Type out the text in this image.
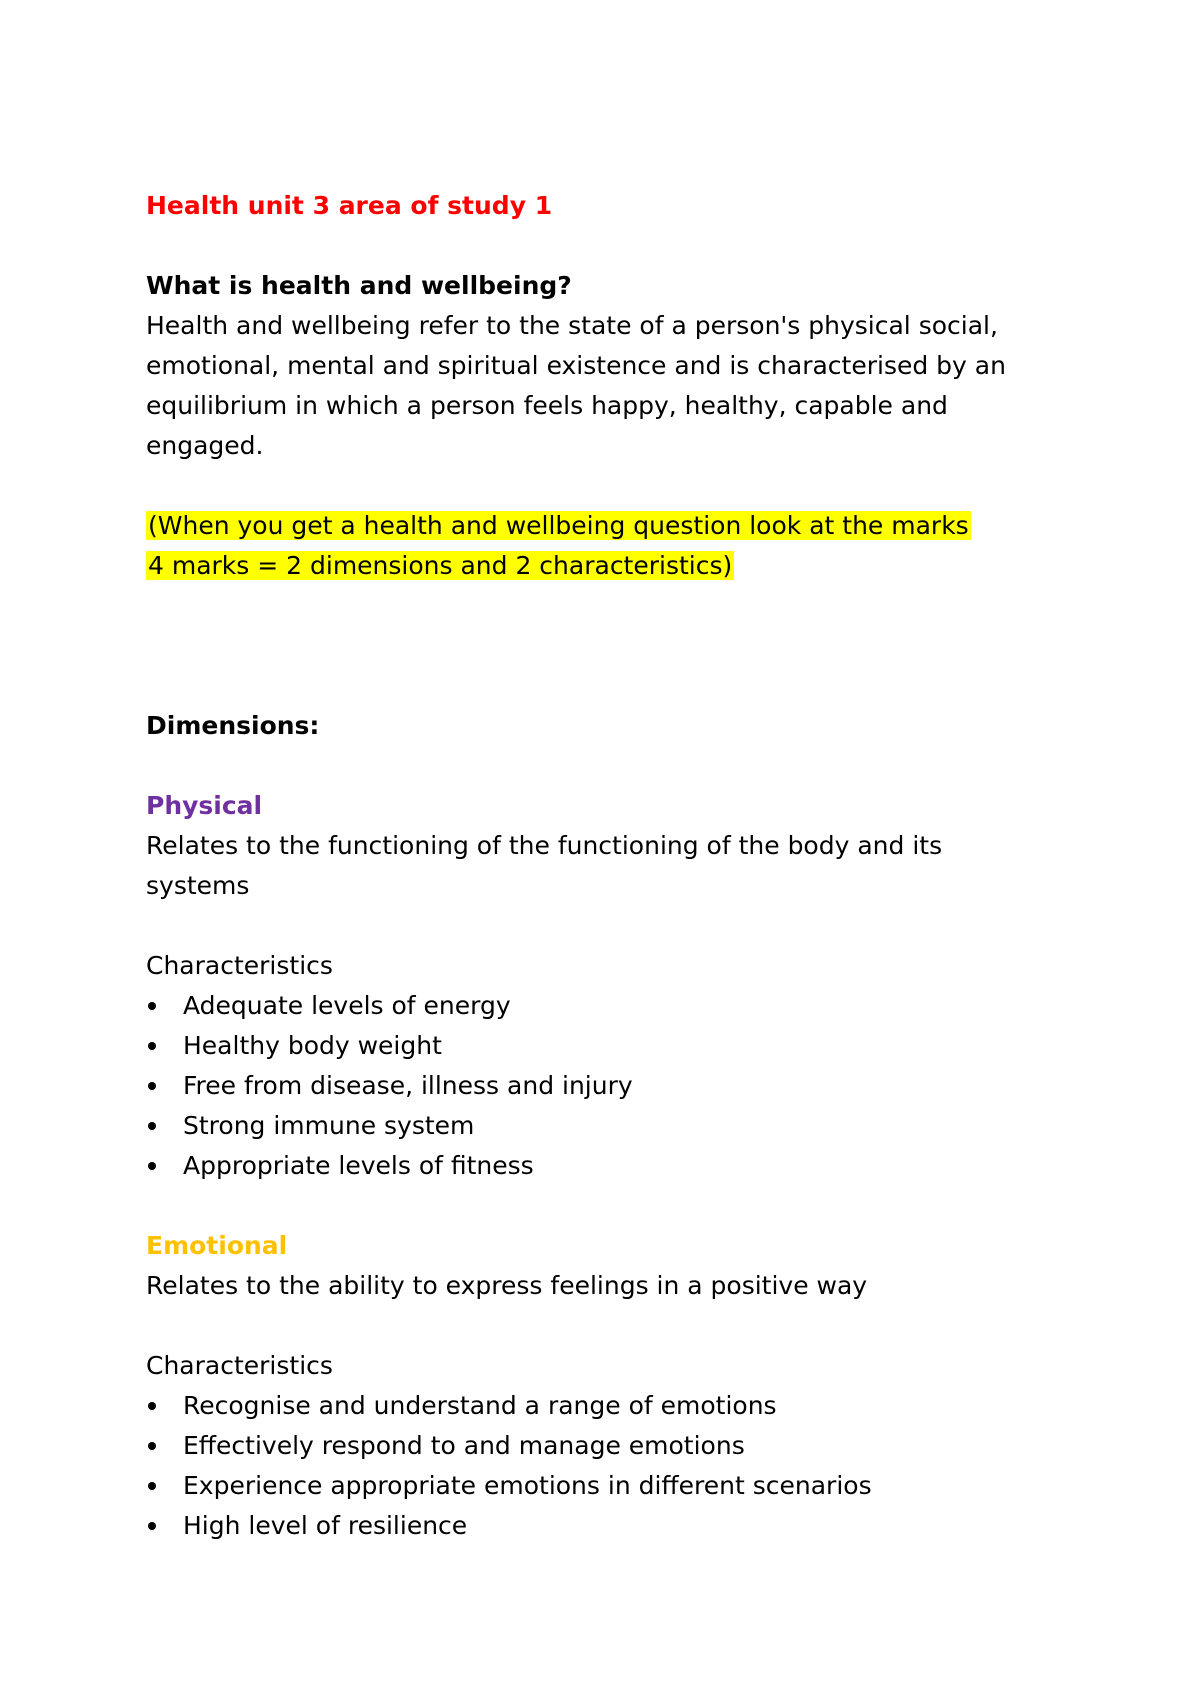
Health unit 3 area of study 1
What is health and wellbeing?
Health and wellbeing refer to the state of a person's physical social,
emotional, mental and spiritual existence and is characterised by an
equilibrium in which a person feels happy, healthy, capable and
engaged.
(When you get a health and wellbeing question look at the marks
4 marks = 2 dimensions and 2 characteristics)
Dimensions:
Physical
Relates to the functioning of the functioning of the body and its
systems
Characteristics
Adequate levels of energy
Healthy body weight
Free from disease, illness and injury
Strong immune system
Appropriate levels of fitness
Emotional
Relates to the ability to express feelings in a positive way
Characteristics
Recognise and understand a range of emotions
Effectively respond to and manage emotions
Experience appropriate emotions in different scenarios
High level of resilience
